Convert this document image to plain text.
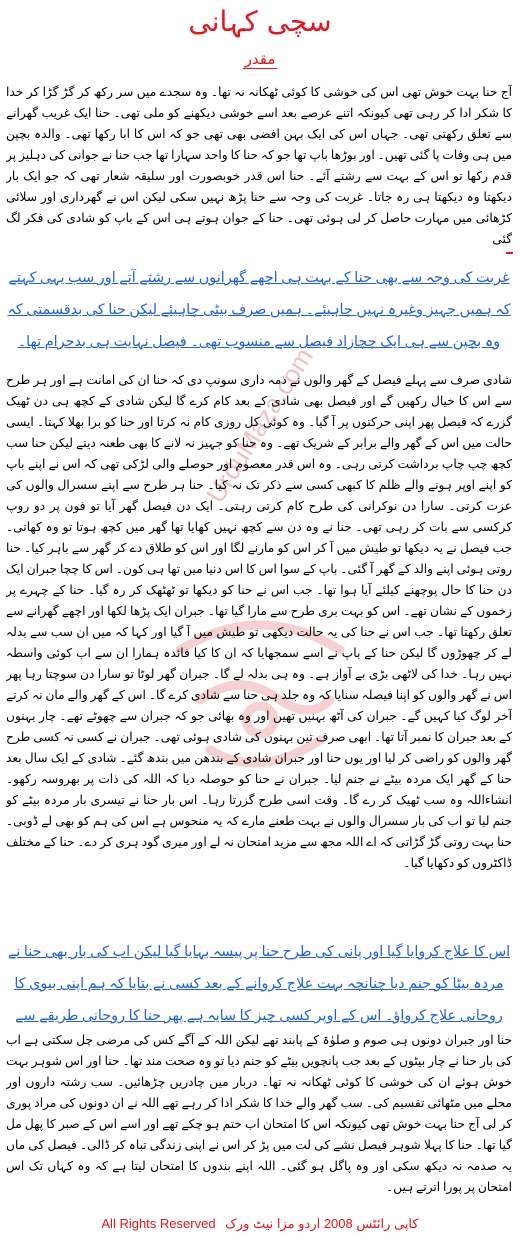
سچی کہانی
مقدر

آج حنا بہت خوش تھی اس کی خوشی کا کوئی ٹھکانہ نہ تھا۔ وہ سجدے میں سر رکھ کر گڑ گڑا کر خدا کا شکر ادا کر رہی تھی کیونکہ اتنے عرصے بعد اسے خوشی دیکھنے کو ملی تھی۔ حنا ایک غریب گھرانے سے تعلق رکھتی تھی۔ جہاں اس کی ایک بہن افضی بھی تھی جو کہ اس کا ابا رکھا تھی۔ والدہ بچپن میں ہی وفات پا گئی تھیں۔ اور بوڑھا باپ تھا جو کہ حنا کا واحد سہارا تھا جب حنا نے جوانی کی دہلیز پر قدم رکھا تو اس کے بہت سے رشتے آئے۔ حنا اس قدر خوبصورت اور سلیقہ شعار تھی کہ جو ایک بار دیکھتا وہ دیکھتا ہی رہ جاتا۔ غربت کی وجہ سے حنا پڑھ نہیں سکی لیکن اس نے گھرداری اور سلائی کڑھائی میں مہارت حاصل کر لی ہوئی تھی۔ حنا کے جوان ہوتے ہی اس کے باپ کو شادی کی فکر لگ گئی

غربت کی وجہ سے بھی حنا کے بہت ہی اچھے گھرانوں سے رشتے آتے اور سب یہی کہتے کہ ہمیں جہیز وغیرہ نہیں چاہیئے۔ ہمیں صرف بیٹی چاہیئے لیکن حنا کی بدقسمتی کہ وہ بچپن سے ہی ایک چچازاد فیصل سے منسوب تھی۔ فیصل نہایت ہی بدحرام تھا۔

UrduMaza.com

شادی صرف سے پہلے فیصل کے گھر والوں نے ذمہ داری سونپ دی کہ حنا ان کی امانت ہے اور ہر طرح سے اس کا خیال رکھیں گے اور فیصل بھی شادی کے بعد کام کرے گا لیکن شادی کے کچھ ہی دن ٹھیک گزرے کہ فیصل پھر اپنی حرکتوں پر آ گیا۔ وہ کوئی کل روزی کام نہ کرتا اور حنا کو برا بھلا کہتا۔ ایسی حالت میں اس کے گھر والے برابر کے شریک تھے۔ وہ حنا کو جہیز نہ لانے کا بھی طعنہ دیتے لیکن حنا سب کچھ چپ چاپ برداشت کرتی رہی۔ وہ اس قدر معصوم اور حوصلے والی لڑکی تھی کہ اس نے اپنے باپ کو اپنے اوپر ہونے والے ظلم کا کبھی کسی سے ذکر تک نہ کیا۔ حنا ہر طرح سے اپنے سسرال والوں کی عزت کرتی۔ سارا دن نوکرانی کی طرح کام کرتی رہتی۔ ایک دن فیصل گھر آیا تو فون پر دو روپ کرکسی سے بات کر رہی تھی۔ حنا نے وہ دن سے کچھ نہیں کھایا تھا گھر میں کچھ ہوتا تو وہ کھاتی۔ جب فیصل نے یہ دیکھا تو طیش میں آ کر اس کو مارنے لگا اور اس کو طلاق دے کر گھر سے باہر کیا۔ حنا روتی ہوئی اپنے والد کے گھر آ گئی۔ باپ کے سوا اس کا اس دنیا میں تھا ہی کون۔ اس کا چچا جبران ایک دن حنا کا حال پوچھنے کیلئے آیا ہوا تھا۔ جب اس نے حنا کو دیکھا تو ٹھٹھک کر رہ گیا۔ حنا کے چہرے پر زخموں کے نشان تھے۔ اس کو بہت بری طرح سے مارا گیا تھا۔ جبران ایک پڑھا لکھا اور اچھے گھرانے سے تعلق رکھتا تھا۔ جب اس نے حنا کی یہ حالت دیکھی تو طیش میں آ گیا اور کہا کہ میں ان سب سے بدلہ لے کر چھوڑوں گا لیکن حنا کے باپ نے اسے سمجھایا کہ ان کا کیا فائدہ ہمارا ان سے اب کوئی واسطہ نہیں رہا۔ خدا کی لاٹھی بڑی بے آواز ہے۔ وہ ہی بدلہ لے گا۔ جبران گھر لوٹا تو سارا دن سوچتا رہا پھر اس نے گھر والوں کو اپنا فیصلہ سنایا کہ وہ جلد ہی حنا سے شادی کرے گا۔ اس کے گھر والے مان نہ کرتے آخر لوگ کیا کہیں گے۔ جبران کی آٹھ بہنیں تھیں اور وہ بھائی جو کہ جبران سے چھوٹے تھے۔ چار بہنوں کے بعد جبران کا نمبر آتا تھا۔ ابھی صرف تین بہنوں کی شادی ہوئی تھی۔ جبران نے کسی نہ کسی طرح گھر والوں کو راضی کر لیا اور یوں حنا اور جبران شادی کے بندھن میں بندھ گئے۔ شادی کے ایک سال بعد حنا کے گھر ایک مردہ بیٹے نے جنم لیا۔ جبران نے حنا کو حوصلہ دیا کہ اللہ کی ذات پر بھروسہ رکھو۔ انشاءاللہ وہ سب ٹھیک کر رے گا۔ وقت اسی طرح گزرتا رہا۔ اس بار حنا نے تیسری بار مردہ بیٹے کو جنم لیا تو اب کی بار سسرال والوں نے بہت طعنے مارے کہ یہ منحوس ہے اس کی ہم کو بھی لے ڈوبی۔ حنا بہت روتی گڑ گڑاتی کہ اے اللہ مجھ سے مزید امتحان نہ لے اور میری گود ہری کر دے۔ حنا کے مختلف ڈاکٹروں کو دکھایا گیا۔

اس کا علاج کروایا گیا اور پانی کی طرح حنا پر پیسہ بہایا گیا لیکن اب کی بار بھی حنا نے مردہ بیٹا کو جنم دیا چنانچہ بہت علاج کروانے کے بعد کسی نے بتایا کہ ہم اپنی بیوی کا روحانی علاج کرواؤ۔ اس کے اوپر کسی چیز کا سایہ ہے پھر حنا کا روحانی طریقے سے

حنا اور جبران دونوں ہی صوم و صلوٰۃ کے پابند تھے لیکن اللہ کے آگے کس کی مرضی چل سکتی ہے اب کی بار حنا نے چار بیٹوں کے بعد جب پانچویں بیٹے کو جنم دیا تو وہ صحت مند تھا۔ حنا اور اس شوہر بہت خوش ہوئے ان کی خوشی کا کوئی ٹھکانہ نہ تھا۔ دربار میں چادریں چڑھائیں۔ سب رشتہ داروں اور محلے میں مٹھائی تقسیم کی۔ سب گھر والے خدا کا شکر ادا کر رہے تھے اللہ نے ان دونوں کی مراد پوری کر لی آج حنا بہت خوش تھی کیونکہ اس کا امتحان اب ختم ہو چکے تھے اور اسے اس کے صبر کا پھل مل گیا تھا۔ حنا کا پہلا شوہر فیصل نشے کی لت میں پڑ کر اس نے اپنی زندگی تباہ کر ڈالی۔ فیصل کی ماں یہ صدمہ نہ دیکھ سکی اور وہ پاگل ہو گئی۔ اللہ اپنے بندوں کا امتحان لیتا ہے کہ وہ کہاں تک اس امتحان پر پورا اترتے ہیں۔

All Rights Reserved کاپی رائٹس 2008 اردو مزا نیٹ ورک
